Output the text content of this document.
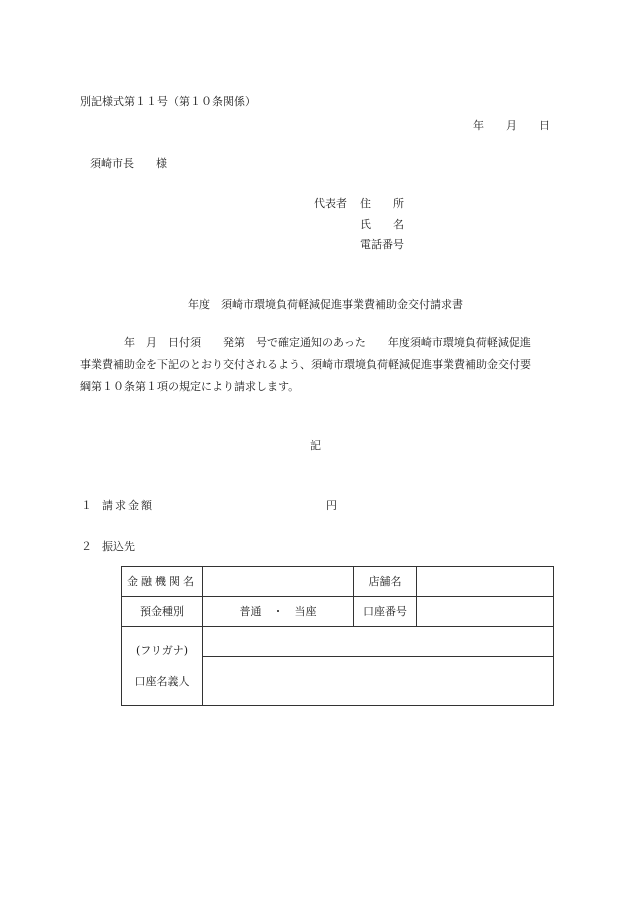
別記様式第１１号（第１０条関係）
年　　月　　日
須崎市長　　様
代表者 住　　所
氏　　名
電話番号
年度　須崎市環境負荷軽減促進事業費補助金交付請求書
年　月　日付須　　発第　号で確定通知のあった　　年度須崎市環境負荷軽減促進
事業費補助金を下記のとおり交付されるよう、須崎市環境負荷軽減促進事業費補助金交付要
綱第１０条第１項の規定により請求します。
記
１ 請求金額	円
２ 振込先
金融機関名		店舗名	
預金種別	普通　・　当座	口座番号	

(フリガナ)
口座名義人			
